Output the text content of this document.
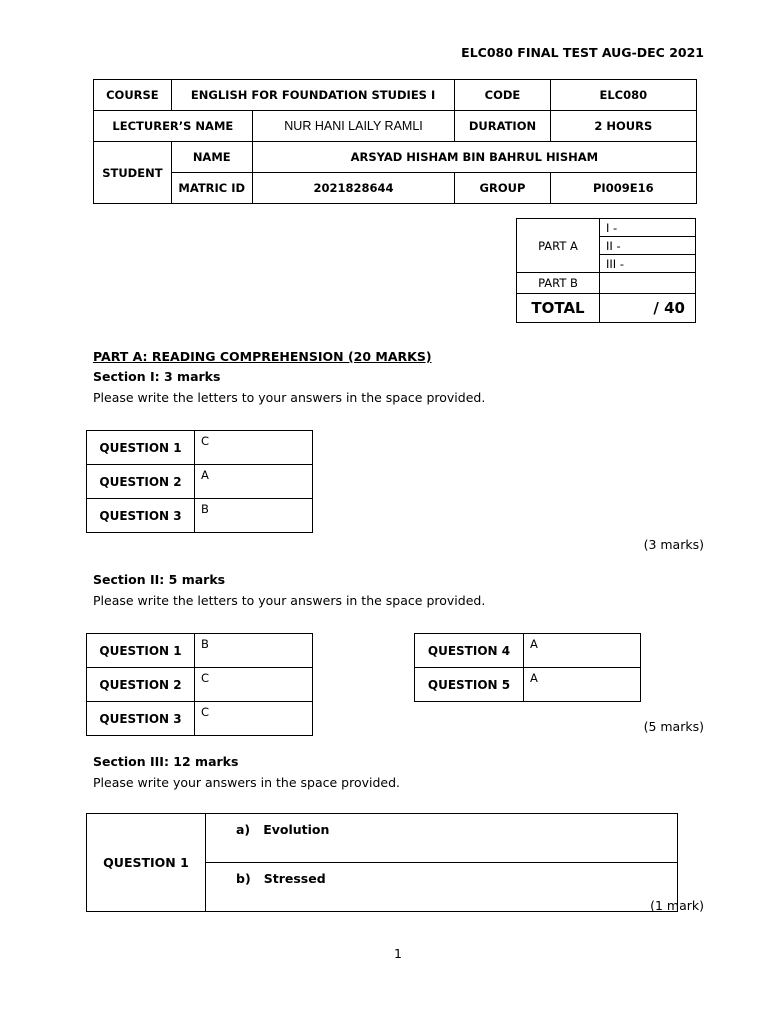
ELC080 FINAL TEST AUG-DEC 2021
COURSE	ENGLISH FOR FOUNDATION STUDIES I		CODE	ELC080
LECTURER’S NAME		NUR HANI LAILY RAMLI	DURATION	2 HOURS
STUDENT	NAME	ARSYAD HISHAM BIN BAHRUL HISHAM		
	MATRIC ID	2021828644	GROUP	PI009E16
PART A	I -
	II -
	III -
PART B	
TOTAL	/ 40
PART A: READING COMPREHENSION (20 MARKS)
Section I: 3 marks
Please write the letters to your answers in the space provided.
QUESTION 1	C
QUESTION 2	A
QUESTION 3	B
(3 marks)
Section II: 5 marks
Please write the letters to your answers in the space provided.
QUESTION 1	B
QUESTION 2	C
QUESTION 3	C
QUESTION 4	A
QUESTION 5	A
(5 marks)
Section III: 12 marks
Please write your answers in the space provided.
QUESTION 1	a) Evolution
b) Stressed
(1 mark)
1
